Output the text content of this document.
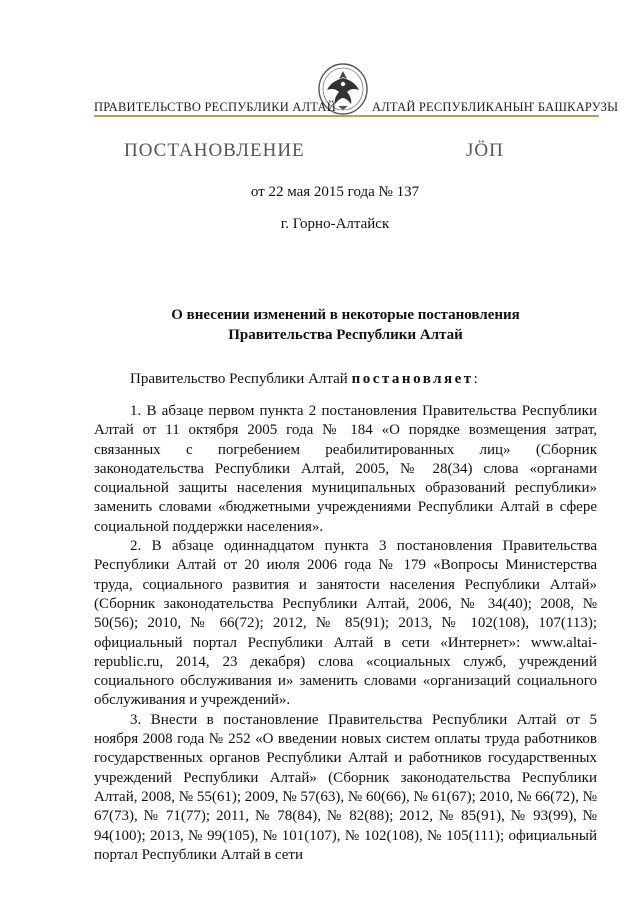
ПРАВИТЕЛЬСТВО РЕСПУБЛИКИ АЛТАЙ	АЛТАЙ РЕСПУБЛИКАНЫҤ БАШКАРУЗЫ
ПОСТАНОВЛЕНИЕ	JӦП
от 22 мая 2015 года № 137
г. Горно-Алтайск
О внесении изменений в некоторые постановления
Правительства Республики Алтай
Правительство Республики Алтай постановляет:

1. В абзаце первом пункта 2 постановления Правительства Республики Алтай от 11 октября 2005 года № 184 «О порядке возмещения затрат, связанных с погребением реабилитированных лиц» (Сборник законодательства Республики Алтай, 2005, № 28(34) слова «органами социальной защиты населения муниципальных образований республики» заменить словами «бюджетными учреждениями Республики Алтай в сфере социальной поддержки населения».

2. В абзаце одиннадцатом пункта 3 постановления Правительства Республики Алтай от 20 июля 2006 года № 179 «Вопросы Министерства труда, социального развития и занятости населения Республики Алтай» (Сборник законодательства Республики Алтай, 2006, № 34(40); 2008, № 50(56); 2010, № 66(72); 2012, № 85(91); 2013, № 102(108), 107(113); официальный портал Республики Алтай в сети «Интернет»: www.altai-republic.ru, 2014, 23 декабря) слова «социальных служб, учреждений социального обслуживания и» заменить словами «организаций социального обслуживания и учреждений».

3. Внести в постановление Правительства Республики Алтай от 5 ноября 2008 года № 252 «О введении новых систем оплаты труда работников государственных органов Республики Алтай и работников государственных учреждений Республики Алтай» (Сборник законодательства Республики Алтай, 2008, № 55(61); 2009, № 57(63), № 60(66), № 61(67); 2010, № 66(72), № 67(73), № 71(77); 2011, № 78(84), № 82(88); 2012, № 85(91), № 93(99), № 94(100); 2013, № 99(105), № 101(107), № 102(108), № 105(111); официальный портал Республики Алтай в сети
